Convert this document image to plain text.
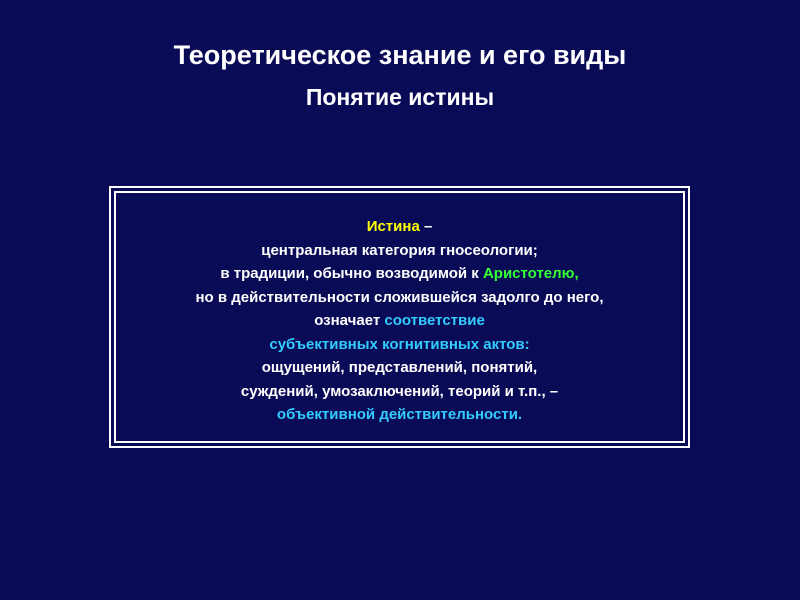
Теоретическое знание и его виды
Понятие истины
Истина –
центральная категория гносеологии;
в традиции, обычно возводимой к Аристотелю,
но в действительности сложившейся задолго до него,
означает соответствие
субъективных когнитивных актов:
ощущений, представлений, понятий,
суждений, умозаключений, теорий и т.п., –
объективной действительности.
